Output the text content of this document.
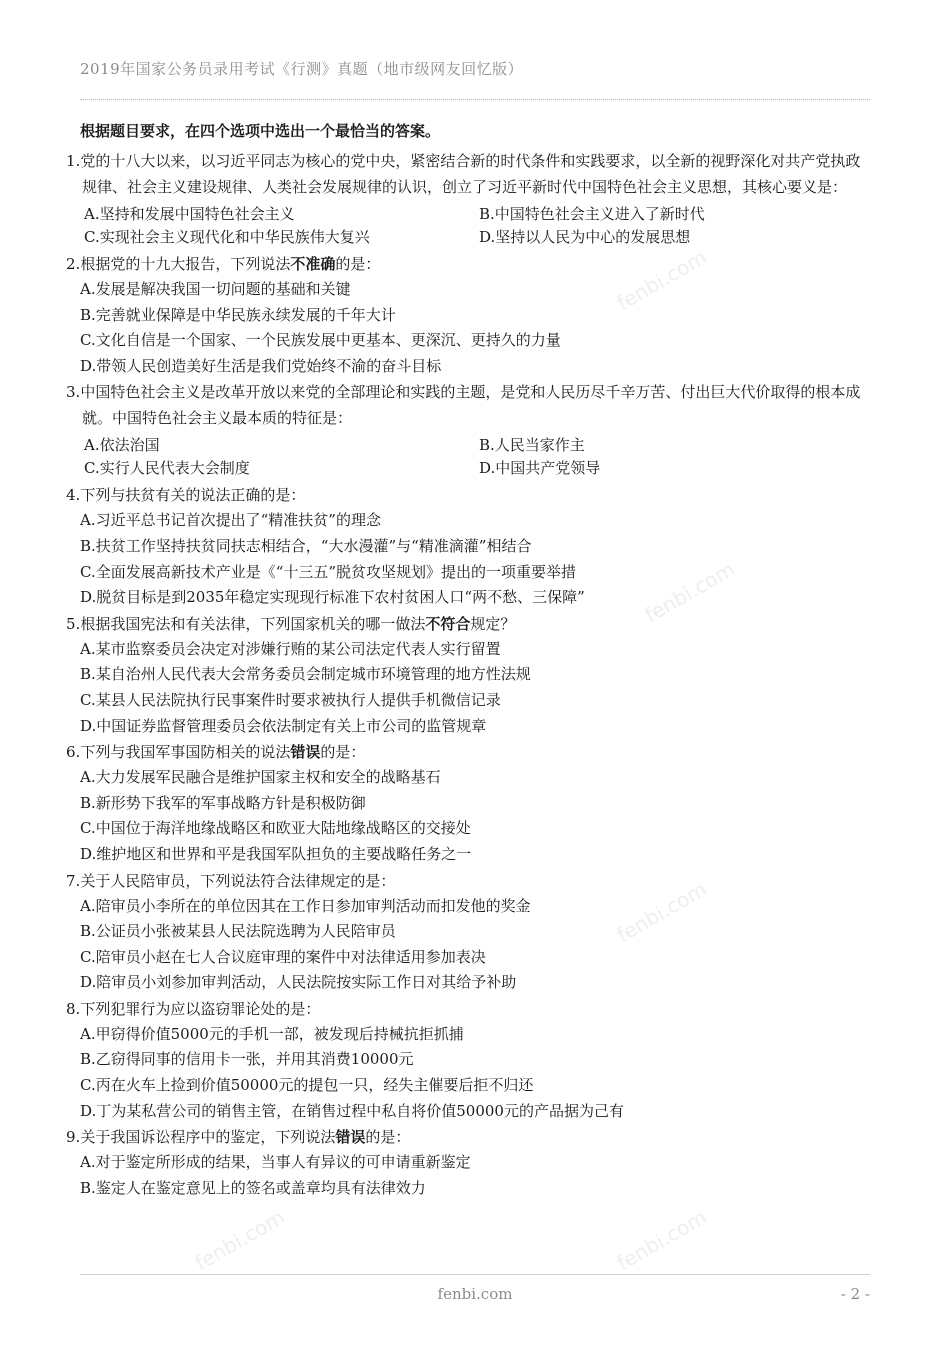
2019年国家公务员录用考试《行测》真题（地市级网友回忆版）
根据题目要求，在四个选项中选出一个最恰当的答案。
1.党的十八大以来，以习近平同志为核心的党中央，紧密结合新的时代条件和实践要求，以全新的视野深化对共产党执政规律、社会主义建设规律、人类社会发展规律的认识，创立了习近平新时代中国特色社会主义思想，其核心要义是：
A.坚持和发展中国特色社会主义	B.中国特色社会主义进入了新时代
C.实现社会主义现代化和中华民族伟大复兴	D.坚持以人民为中心的发展思想
2.根据党的十九大报告，下列说法不准确的是：
A.发展是解决我国一切问题的基础和关键
B.完善就业保障是中华民族永续发展的千年大计
C.文化自信是一个国家、一个民族发展中更基本、更深沉、更持久的力量
D.带领人民创造美好生活是我们党始终不渝的奋斗目标
3.中国特色社会主义是改革开放以来党的全部理论和实践的主题，是党和人民历尽千辛万苦、付出巨大代价取得的根本成就。中国特色社会主义最本质的特征是：
A.依法治国	B.人民当家作主
C.实行人民代表大会制度	D.中国共产党领导
4.下列与扶贫有关的说法正确的是：
A.习近平总书记首次提出了“精准扶贫”的理念
B.扶贫工作坚持扶贫同扶志相结合，“大水漫灌”与“精准滴灌”相结合
C.全面发展高新技术产业是《“十三五”脱贫攻坚规划》提出的一项重要举措
D.脱贫目标是到2035年稳定实现现行标准下农村贫困人口“两不愁、三保障”
5.根据我国宪法和有关法律，下列国家机关的哪一做法不符合规定？
A.某市监察委员会决定对涉嫌行贿的某公司法定代表人实行留置
B.某自治州人民代表大会常务委员会制定城市环境管理的地方性法规
C.某县人民法院执行民事案件时要求被执行人提供手机微信记录
D.中国证券监督管理委员会依法制定有关上市公司的监管规章
6.下列与我国军事国防相关的说法错误的是：
A.大力发展军民融合是维护国家主权和安全的战略基石
B.新形势下我军的军事战略方针是积极防御
C.中国位于海洋地缘战略区和欧亚大陆地缘战略区的交接处
D.维护地区和世界和平是我国军队担负的主要战略任务之一
7.关于人民陪审员，下列说法符合法律规定的是：
A.陪审员小李所在的单位因其在工作日参加审判活动而扣发他的奖金
B.公证员小张被某县人民法院选聘为人民陪审员
C.陪审员小赵在七人合议庭审理的案件中对法律适用参加表决
D.陪审员小刘参加审判活动，人民法院按实际工作日对其给予补助
8.下列犯罪行为应以盗窃罪论处的是：
A.甲窃得价值5000元的手机一部，被发现后持械抗拒抓捕
B.乙窃得同事的信用卡一张，并用其消费10000元
C.丙在火车上捡到价值50000元的提包一只，经失主催要后拒不归还
D.丁为某私营公司的销售主管，在销售过程中私自将价值50000元的产品据为己有
9.关于我国诉讼程序中的鉴定，下列说法错误的是：
A.对于鉴定所形成的结果，当事人有异议的可申请重新鉴定
B.鉴定人在鉴定意见上的签名或盖章均具有法律效力
fenbi.com
fenbi.com
fenbi.com
fenbi.com	fenbi.com
fenbi.com	- 2 -
